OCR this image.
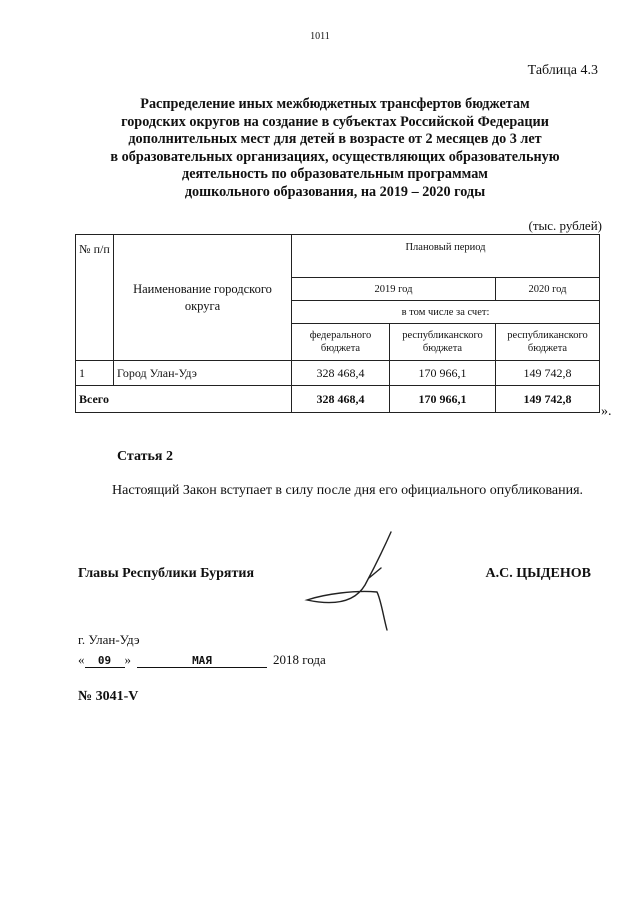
1011
Таблица 4.3
Распределение иных межбюджетных трансфертов бюджетам
городских округов на создание в субъектах Российской Федерации
дополнительных мест для детей в возрасте от 2 месяцев до 3 лет
в образовательных организациях, осуществляющих образовательную
деятельность по образовательным программам
дошкольного образования, на 2019 – 2020 годы
(тыс. рублей)
№ п/п	Наименование городского округа	Плановый период		
		2019 год		2020 год
		в том числе за счет:		
		федерального бюджета	республиканского бюджета	республиканского бюджета
1	Город Улан-Удэ	328 468,4	170 966,1	149 742,8
Всего		328 468,4	170 966,1	149 742,8
».
Статья 2
Настоящий Закон вступает в силу после дня его официального опубликования.
Главы Республики Бурятия	А.С. ЦЫДЕНОВ
г. Улан-Удэ
« 09 »	МАЯ	2018 года
№ 3041-V
